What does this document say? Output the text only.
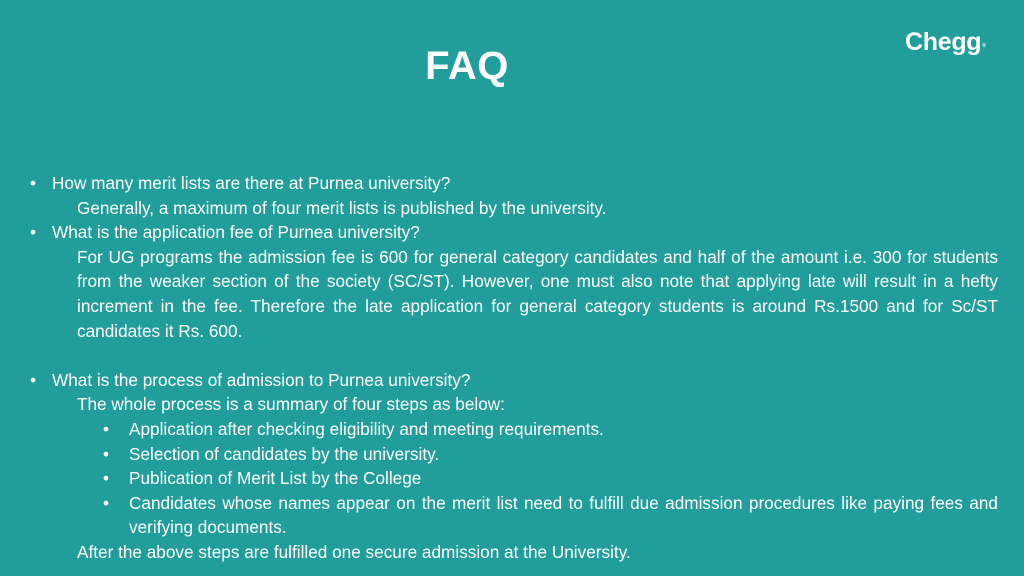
FAQ
Chegg®
• How many merit lists are there at Purnea university?
Generally, a maximum of four merit lists is published by the university.
• What is the application fee of Purnea university?
For UG programs the admission fee is 600 for general category candidates and half of the amount i.e. 300 for students from the weaker section of the society (SC/ST). However, one must also note that applying late will result in a hefty increment in the fee. Therefore the late application for general category students is around Rs.1500 and for Sc/ST candidates it Rs. 600.
• What is the process of admission to Purnea university?
The whole process is a summary of four steps as below:
• Application after checking eligibility and meeting requirements.
• Selection of candidates by the university.
• Publication of Merit List by the College
• Candidates whose names appear on the merit list need to fulfill due admission procedures like paying fees and verifying documents.
After the above steps are fulfilled one secure admission at the University.
